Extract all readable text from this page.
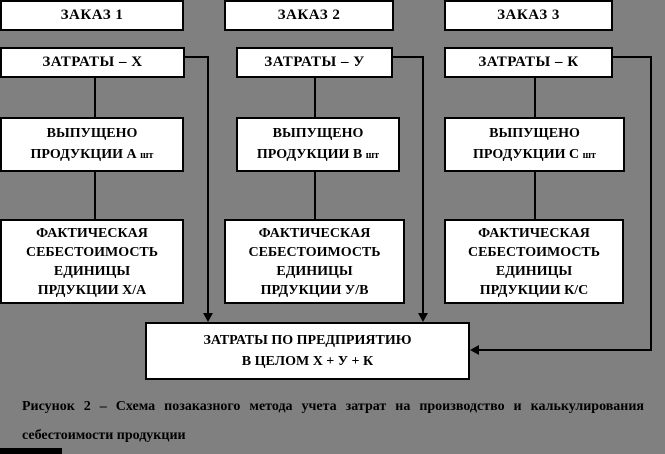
ЗАКАЗ 1
ЗАТРАТЫ – Х
ВЫПУЩЕНО
ПРОДУКЦИИ А шт
ФАКТИЧЕСКАЯ
СЕБЕСТОИМОСТЬ
ЕДИНИЦЫ
ПРДУКЦИИ Х/А
ЗАКАЗ 2
ЗАТРАТЫ – У
ВЫПУЩЕНО
ПРОДУКЦИИ В шт
ФАКТИЧЕСКАЯ
СЕБЕСТОИМОСТЬ
ЕДИНИЦЫ
ПРДУКЦИИ У/В
ЗАКАЗ 3
ЗАТРАТЫ – К
ВЫПУЩЕНО
ПРОДУКЦИИ С шт
ФАКТИЧЕСКАЯ
СЕБЕСТОИМОСТЬ
ЕДИНИЦЫ
ПРДУКЦИИ К/С
ЗАТРАТЫ ПО ПРЕДПРИЯТИЮ
В ЦЕЛОМ Х + У + К
Рисунок 2 – Схема позаказного метода учета затрат на производство и калькулирования
себестоимости продукции
